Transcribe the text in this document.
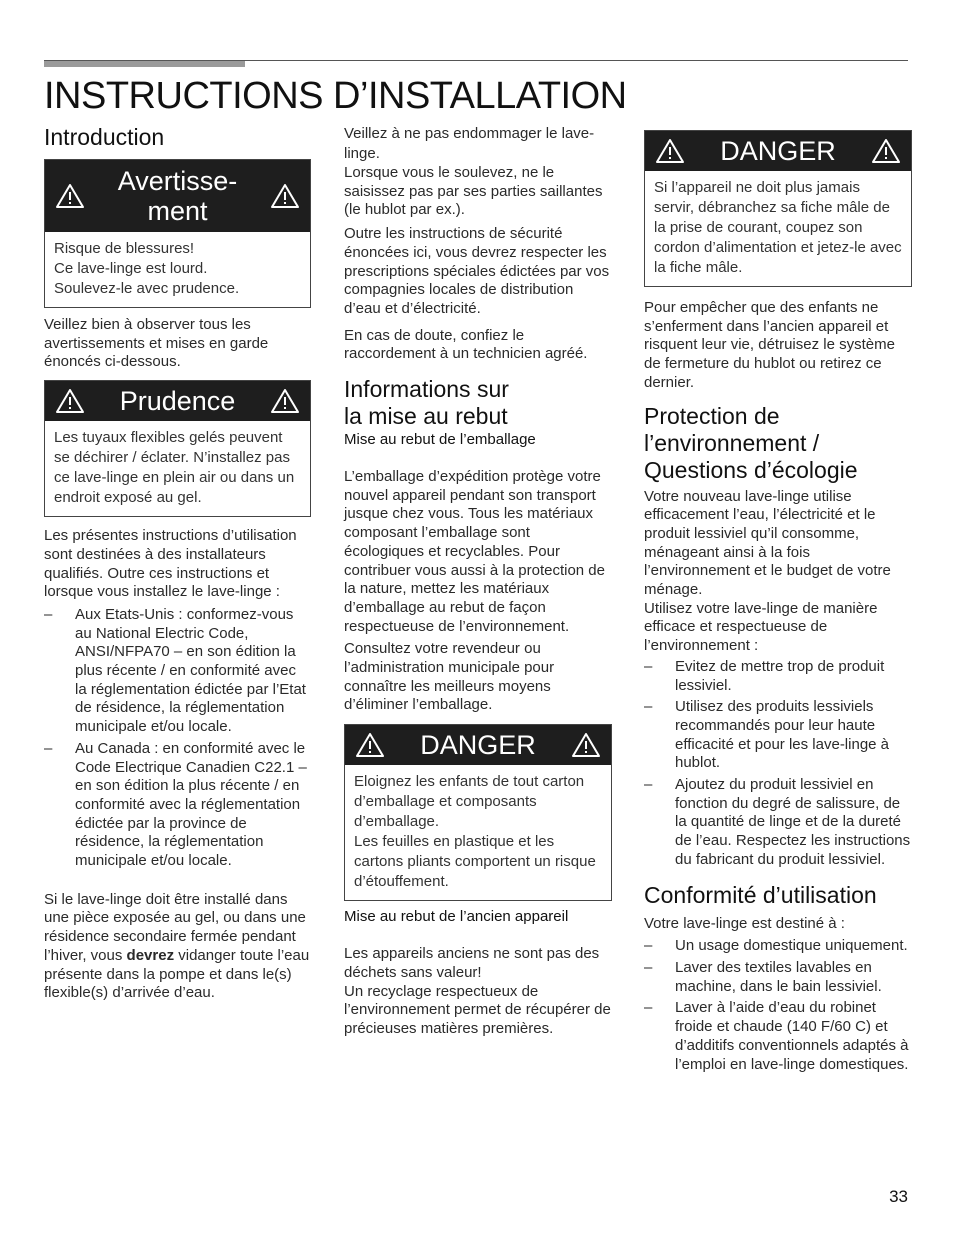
INSTRUCTIONS D’INSTALLATION
Introduction
Avertisse-
ment

Risque de blessures!

Ce lave-linge est lourd.

Soulevez-le avec prudence.

Veillez bien à observer tous les avertissements et mises en garde énoncés ci-dessous.

Prudence

Les tuyaux flexibles gelés peuvent se déchirer / éclater. N’installez pas ce lave-linge en plein air ou dans un endroit exposé au gel.

Les présentes instructions d’utilisation sont destinées à des installateurs qualifiés. Outre ces instructions et lorsque vous installez le lave-linge :

– Aux Etats-Unis : conformez-vous au National Electric Code, ANSI/NFPA70 – en son édition la plus récente / en conformité avec la réglementation édictée par l’Etat de résidence, la réglementation municipale et/ou locale.
– Au Canada : en conformité avec le Code Electrique Canadien C22.1 – en son édition la plus récente / en conformité avec la réglementation édictée par la province de résidence, la réglementation municipale et/ou locale.

Si le lave-linge doit être installé dans une pièce exposée au gel, ou dans une résidence secondaire fermée pendant l’hiver, vous devrez vidanger toute l’eau présente dans la pompe et dans le(s) flexible(s) d’arrivée d’eau.

Veillez à ne pas endommager le lave-linge.

Lorsque vous le soulevez, ne le saisissez pas par ses parties saillantes (le hublot par ex.).

Outre les instructions de sécurité énoncées ici, vous devrez respecter les prescriptions spéciales édictées par vos compagnies locales de distribution d’eau et d’électricité.

En cas de doute, confiez le raccordement à un technicien agréé.

Informations sur
la mise au rebut
Mise au rebut de l’emballage

L’emballage d’expédition protège votre nouvel appareil pendant son transport jusque chez vous. Tous les matériaux composant l’emballage sont écologiques et recyclables. Pour contribuer vous aussi à la protection de la nature, mettez les matériaux d’emballage au rebut de façon respectueuse de l’environnement.

Consultez votre revendeur ou l’administration municipale pour connaître les meilleurs moyens d’éliminer l’emballage.

DANGER

Eloignez les enfants de tout carton d’emballage et composants d’emballage.

Les feuilles en plastique et les cartons pliants comportent un risque d’étouffement.

Mise au rebut de l’ancien appareil

Les appareils anciens ne sont pas des déchets sans valeur!

Un recyclage respectueux de l’environnement permet de récupérer de précieuses matières premières.

DANGER

Si l’appareil ne doit plus jamais servir, débranchez sa fiche mâle de la prise de courant, coupez son cordon d’alimentation et jetez-le avec la fiche mâle.

Pour empêcher que des enfants ne s’enferment dans l’ancien appareil et risquent leur vie, détruisez le système de fermeture du hublot ou retirez ce dernier.

Protection de
l’environnement /
Questions d’écologie

Votre nouveau lave-linge utilise efficacement l’eau, l’électricité et le produit lessiviel qu’il consomme, ménageant ainsi à la fois l’environnement et le budget de votre ménage.

Utilisez votre lave-linge de manière efficace et respectueuse de l’environnement :

– Evitez de mettre trop de produit lessiviel.
– Utilisez des produits lessiviels recommandés pour leur haute efficacité et pour les lave-linge à hublot.
– Ajoutez du produit lessiviel en fonction du degré de salissure, de la quantité de linge et de la dureté de l’eau. Respectez les instructions du fabricant du produit lessiviel.
Conformité d’utilisation

Votre lave-linge est destiné à :

– Un usage domestique uniquement.
– Laver des textiles lavables en machine, dans le bain lessiviel.
– Laver à l’aide d’eau du robinet froide et chaude (140 F/60 C) et d’additifs conventionnels adaptés à l’emploi en lave-linge domestiques.
33
